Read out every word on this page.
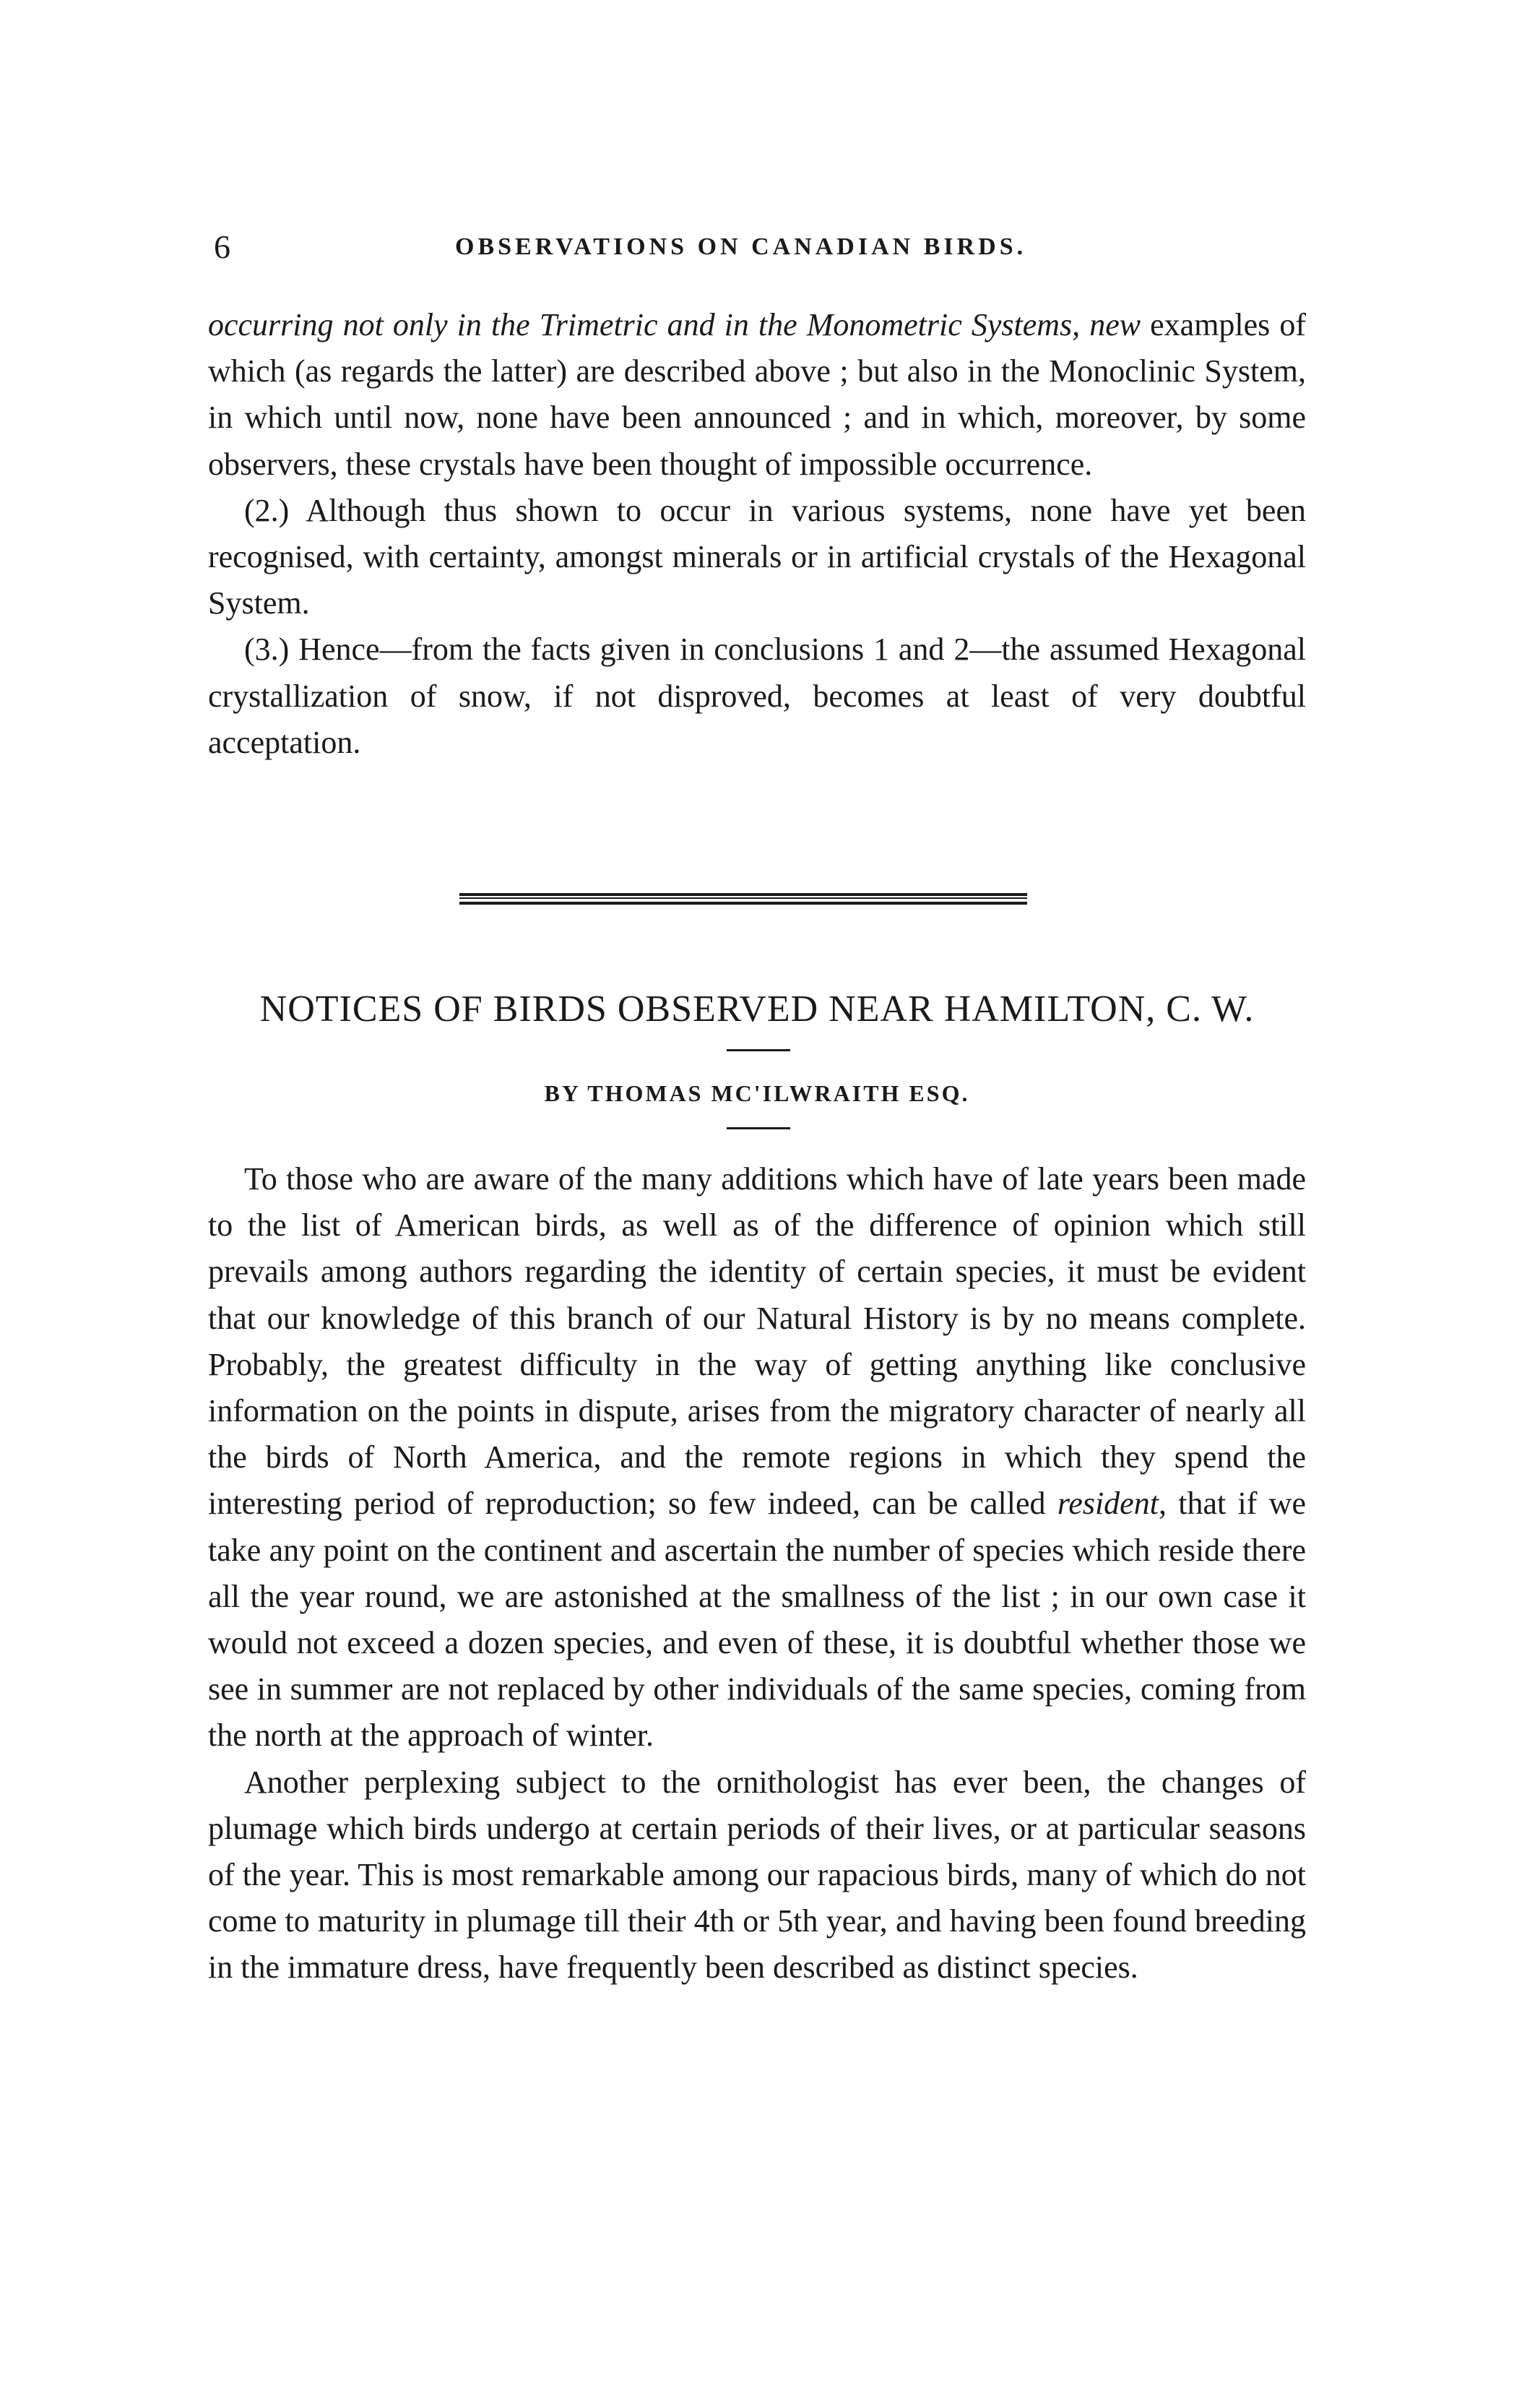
6	OBSERVATIONS ON CANADIAN BIRDS.

occurring not only in the Trimetric and in the Monometric Systems, new examples of which (as regards the latter) are described above ; but also in the Monoclinic System, in which until now, none have been announced ; and in which, moreover, by some observers, these crystals have been thought of impossible occurrence.

(2.) Although thus shown to occur in various systems, none have yet been recognised, with certainty, amongst minerals or in artificial crystals of the Hexagonal System.

(3.) Hence—from the facts given in conclusions 1 and 2—the assumed Hexagonal crystallization of snow, if not disproved, becomes at least of very doubtful acceptation.

NOTICES OF BIRDS OBSERVED NEAR HAMILTON, C. W.
BY THOMAS MC'ILWRAITH ESQ.

To those who are aware of the many additions which have of late years been made to the list of American birds, as well as of the difference of opinion which still prevails among authors regarding the identity of certain species, it must be evident that our knowledge of this branch of our Natural History is by no means complete. Probably, the greatest difficulty in the way of getting anything like conclusive information on the points in dispute, arises from the migratory character of nearly all the birds of North America, and the remote regions in which they spend the interesting period of reproduction; so few indeed, can be called resident, that if we take any point on the continent and ascertain the number of species which reside there all the year round, we are astonished at the smallness of the list ; in our own case it would not exceed a dozen species, and even of these, it is doubtful whether those we see in summer are not replaced by other individuals of the same species, coming from the north at the approach of winter.

Another perplexing subject to the ornithologist has ever been, the changes of plumage which birds undergo at certain periods of their lives, or at particular seasons of the year. This is most remarkable among our rapacious birds, many of which do not come to maturity in plumage till their 4th or 5th year, and having been found breeding in the immature dress, have frequently been described as distinct species.
